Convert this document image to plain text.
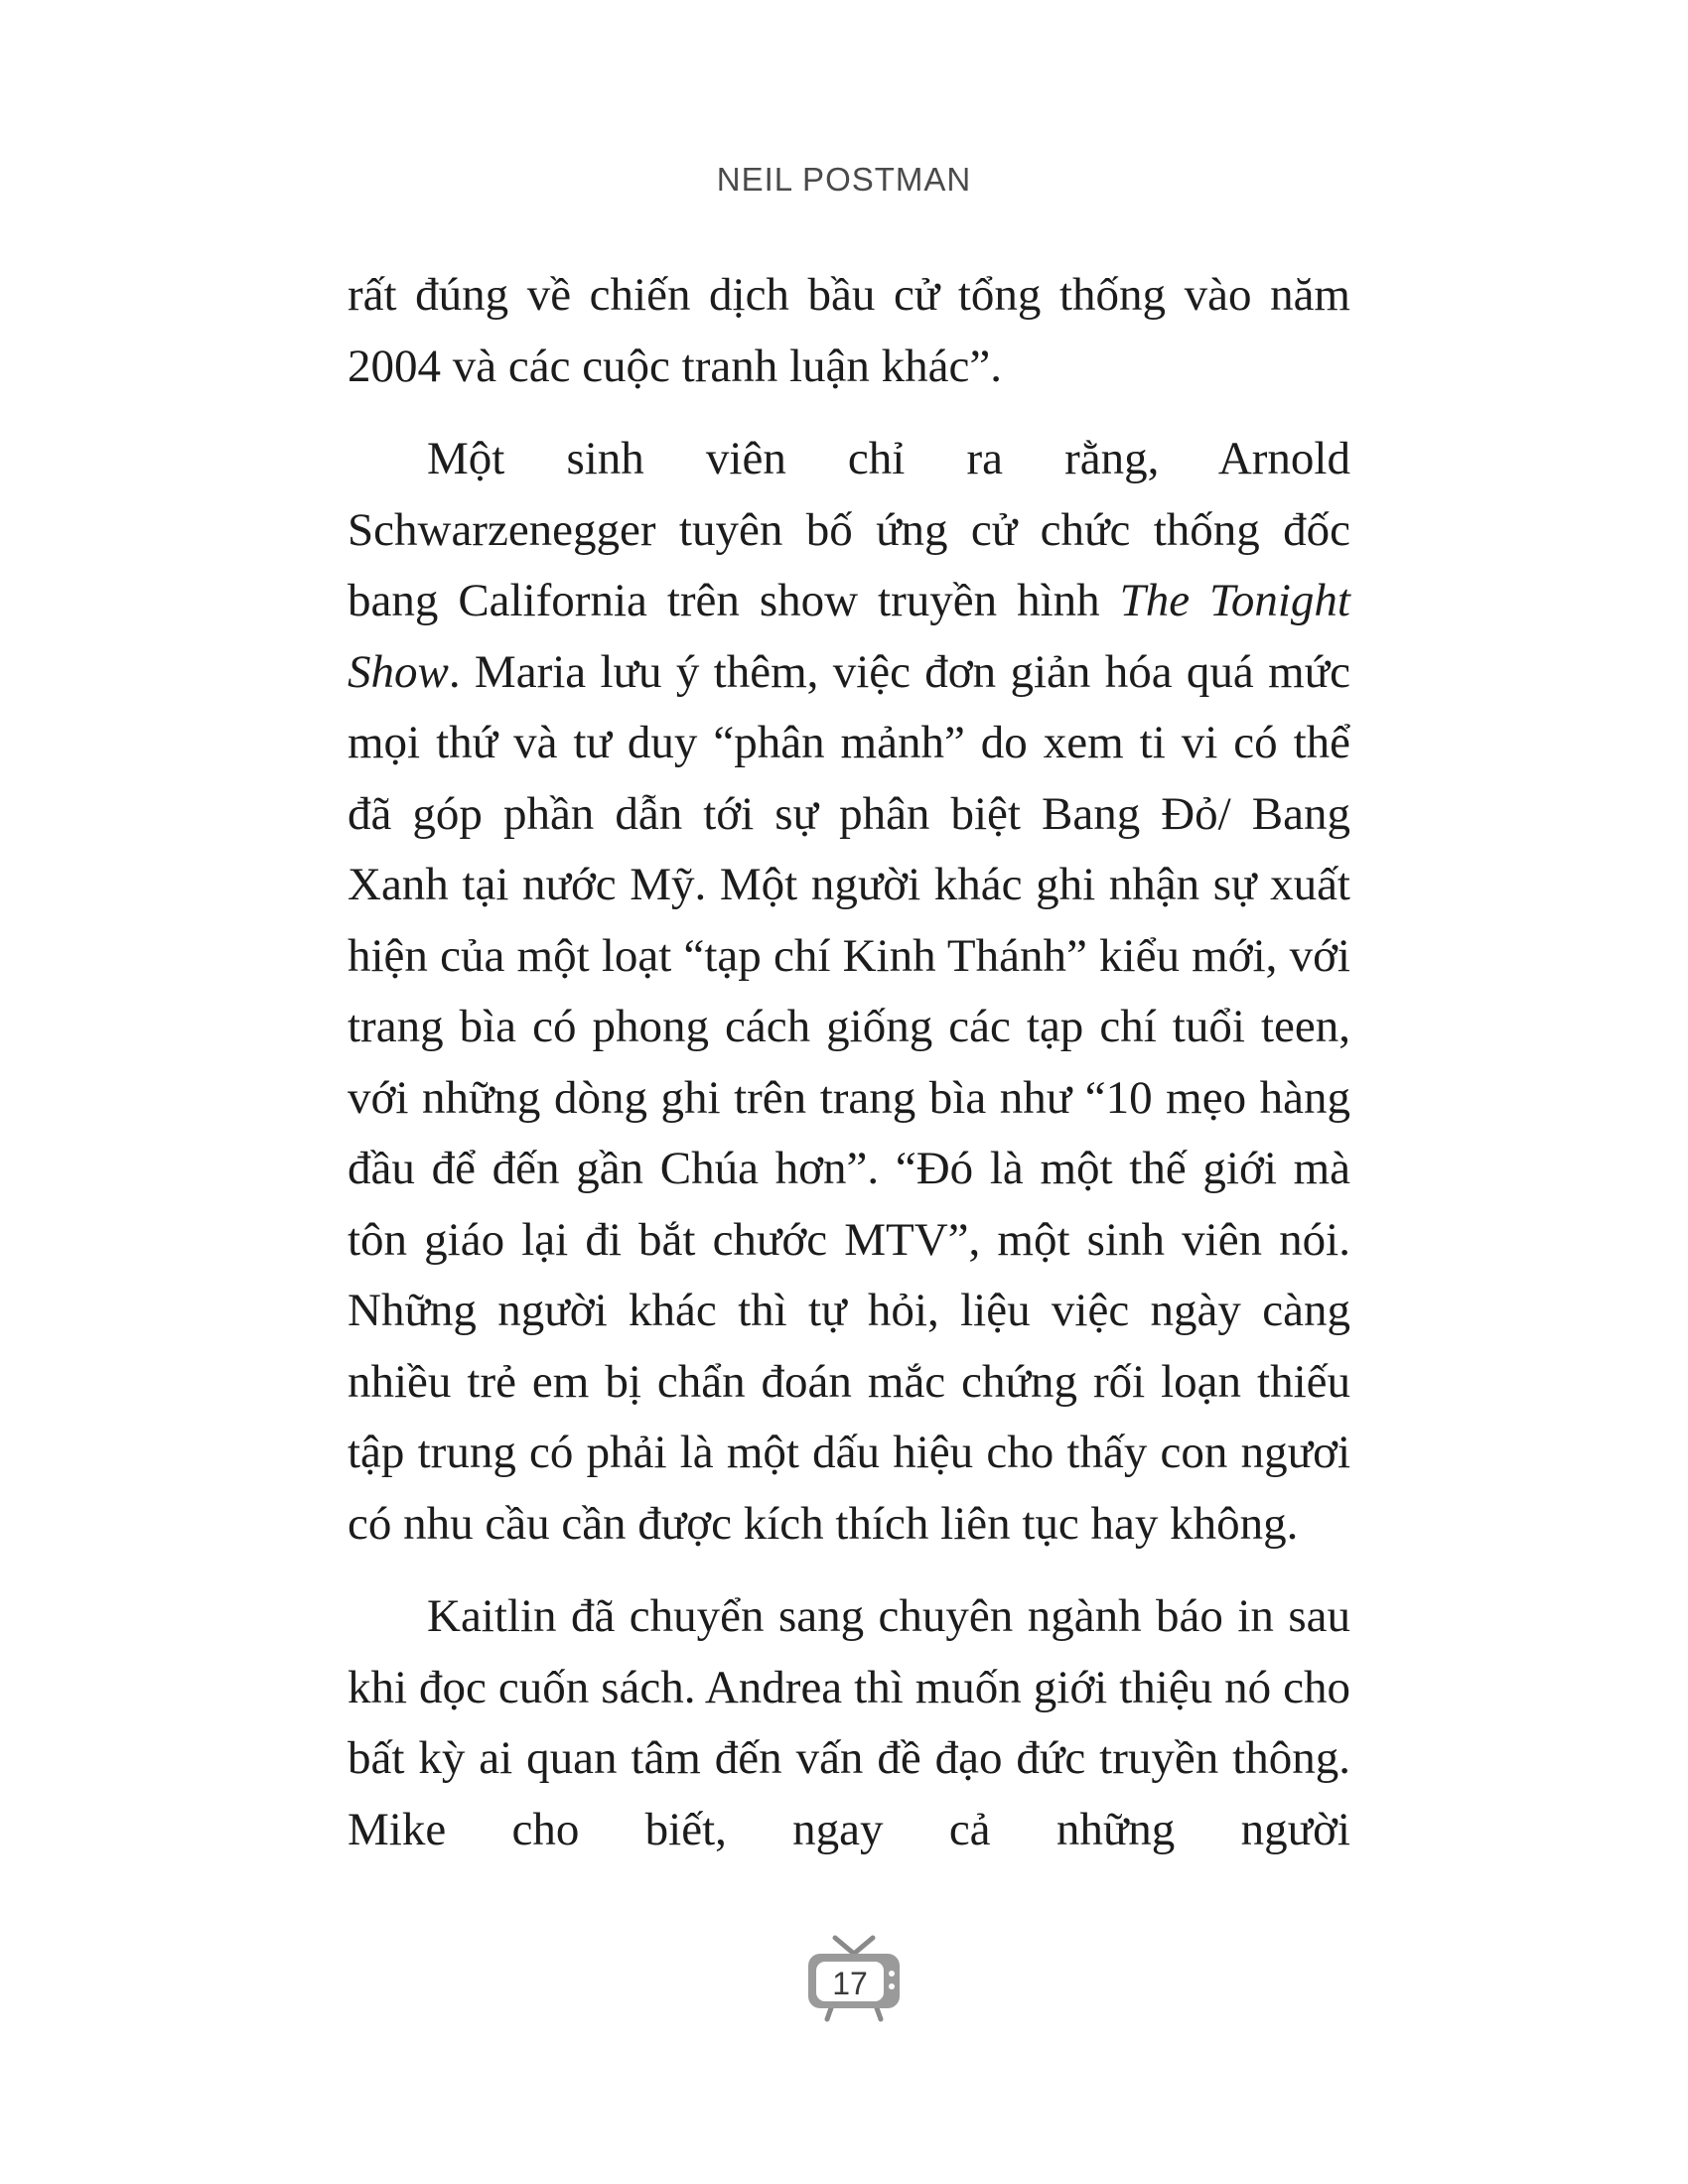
NEIL POSTMAN

rất đúng về chiến dịch bầu cử tổng thống vào năm 2004 và các cuộc tranh luận khác”.

Một sinh viên chỉ ra rằng, Arnold Schwarzenegger tuyên bố ứng cử chức thống đốc bang California trên show truyền hình The Tonight Show. Maria lưu ý thêm, việc đơn giản hóa quá mức mọi thứ và tư duy “phân mảnh” do xem ti vi có thể đã góp phần dẫn tới sự phân biệt Bang Đỏ/ Bang Xanh tại nước Mỹ. Một người khác ghi nhận sự xuất hiện của một loạt “tạp chí Kinh Thánh” kiểu mới, với trang bìa có phong cách giống các tạp chí tuổi teen, với những dòng ghi trên trang bìa như “10 mẹo hàng đầu để đến gần Chúa hơn”. “Đó là một thế giới mà tôn giáo lại đi bắt chước MTV”, một sinh viên nói. Những người khác thì tự hỏi, liệu việc ngày càng nhiều trẻ em bị chẩn đoán mắc chứng rối loạn thiếu tập trung có phải là một dấu hiệu cho thấy con ngươi có nhu cầu cần được kích thích liên tục hay không.

Kaitlin đã chuyển sang chuyên ngành báo in sau khi đọc cuốn sách. Andrea thì muốn giới thiệu nó cho bất kỳ ai quan tâm đến vấn đề đạo đức truyền thông. Mike cho biết, ngay cả những người

17
